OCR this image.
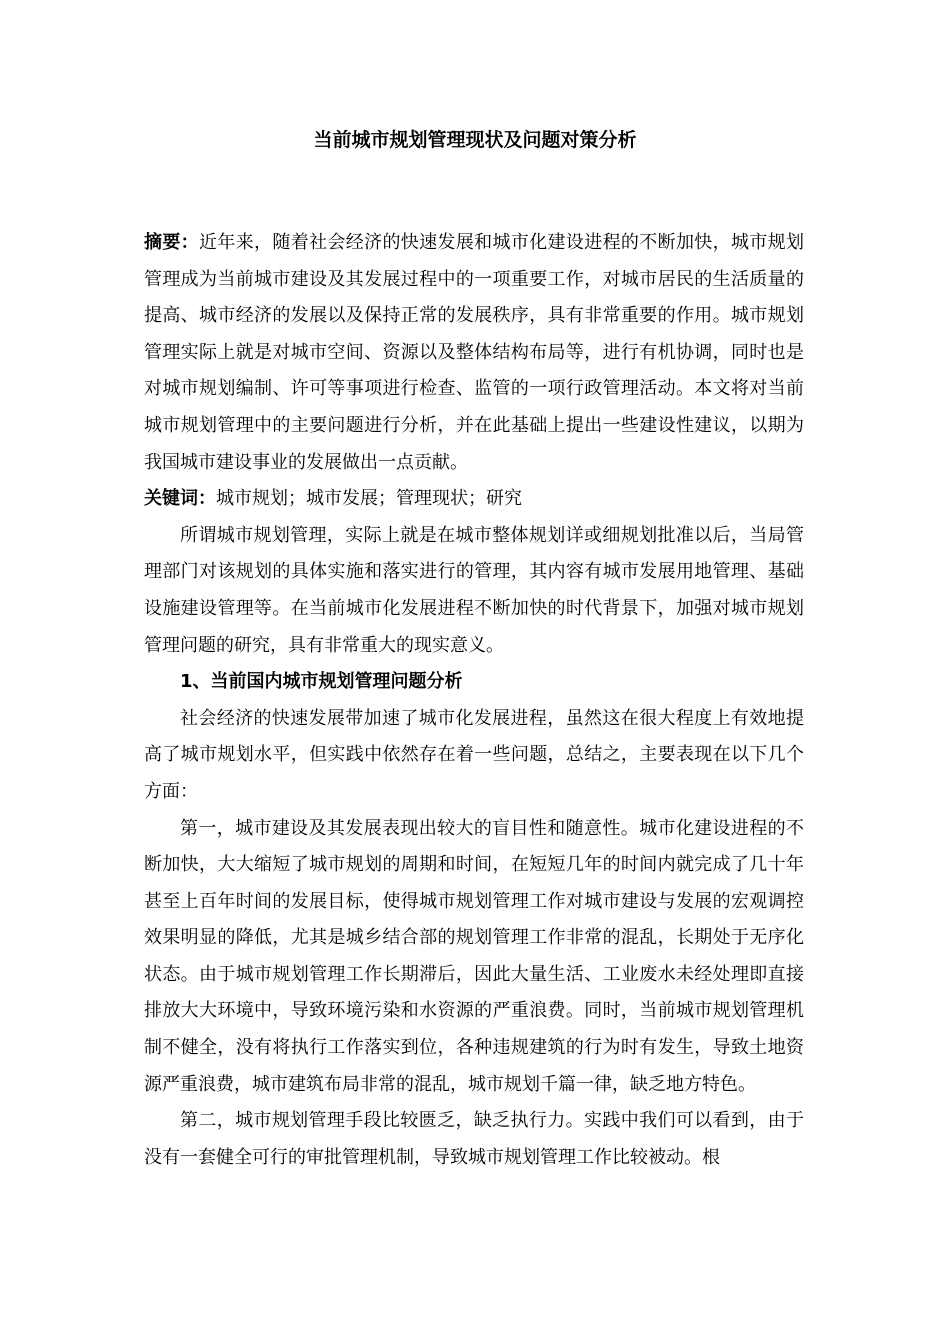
当前城市规划管理现状及问题对策分析

摘要：近年来，随着社会经济的快速发展和城市化建设进程的不断加快，城市规划管理成为当前城市建设及其发展过程中的一项重要工作，对城市居民的生活质量的提高、城市经济的发展以及保持正常的发展秩序，具有非常重要的作用。城市规划管理实际上就是对城市空间、资源以及整体结构布局等，进行有机协调，同时也是对城市规划编制、许可等事项进行检查、监管的一项行政管理活动。本文将对当前城市规划管理中的主要问题进行分析，并在此基础上提出一些建设性建议，以期为我国城市建设事业的发展做出一点贡献。

关键词：城市规划；城市发展；管理现状；研究

所谓城市规划管理，实际上就是在城市整体规划详或细规划批准以后，当局管理部门对该规划的具体实施和落实进行的管理，其内容有城市发展用地管理、基础设施建设管理等。在当前城市化发展进程不断加快的时代背景下，加强对城市规划管理问题的研究，具有非常重大的现实意义。

1、当前国内城市规划管理问题分析

社会经济的快速发展带加速了城市化发展进程，虽然这在很大程度上有效地提高了城市规划水平，但实践中依然存在着一些问题，总结之，主要表现在以下几个方面：

第一，城市建设及其发展表现出较大的盲目性和随意性。城市化建设进程的不断加快，大大缩短了城市规划的周期和时间，在短短几年的时间内就完成了几十年甚至上百年时间的发展目标，使得城市规划管理工作对城市建设与发展的宏观调控效果明显的降低，尤其是城乡结合部的规划管理工作非常的混乱，长期处于无序化状态。由于城市规划管理工作长期滞后，因此大量生活、工业废水未经处理即直接排放大大环境中，导致环境污染和水资源的严重浪费。同时，当前城市规划管理机制不健全，没有将执行工作落实到位，各种违规建筑的行为时有发生，导致土地资源严重浪费，城市建筑布局非常的混乱，城市规划千篇一律，缺乏地方特色。

第二，城市规划管理手段比较匮乏，缺乏执行力。实践中我们可以看到，由于没有一套健全可行的审批管理机制，导致城市规划管理工作比较被动。根
